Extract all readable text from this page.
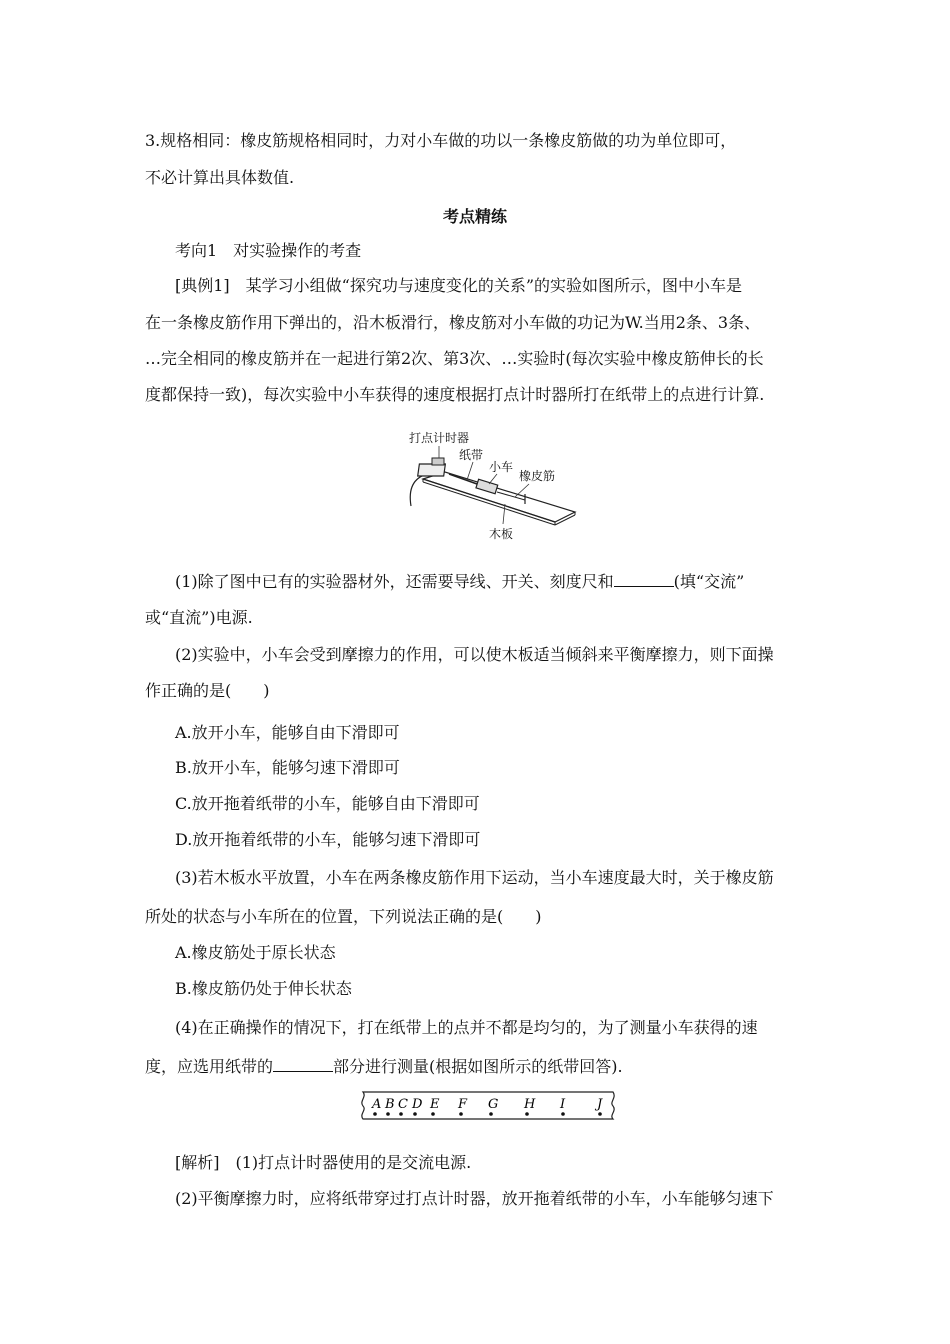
3.规格相同：橡皮筋规格相同时，力对小车做的功以一条橡皮筋做的功为单位即可，
不必计算出具体数值.
考点精练
考向1　对实验操作的考查
[典例1]　某学习小组做“探究功与速度变化的关系”的实验如图所示，图中小车是
在一条橡皮筋作用下弹出的，沿木板滑行，橡皮筋对小车做的功记为W.当用2条、3条、
…完全相同的橡皮筋并在一起进行第2次、第3次、…实验时(每次实验中橡皮筋伸长的长
度都保持一致)，每次实验中小车获得的速度根据打点计时器所打在纸带上的点进行计算.
打点计时器
纸带
小车
橡皮筋
木板
(1)除了图中已有的实验器材外，还需要导线、开关、刻度尺和	(填“交流”
或“直流”)电源.
(2)实验中，小车会受到摩擦力的作用，可以使木板适当倾斜来平衡摩擦力，则下面操
作正确的是(　　)
A.放开小车，能够自由下滑即可
B.放开小车，能够匀速下滑即可
C.放开拖着纸带的小车，能够自由下滑即可
D.放开拖着纸带的小车，能够匀速下滑即可
(3)若木板水平放置，小车在两条橡皮筋作用下运动，当小车速度最大时，关于橡皮筋
所处的状态与小车所在的位置，下列说法正确的是(　　)
A.橡皮筋处于原长状态
B.橡皮筋仍处于伸长状态
(4)在正确操作的情况下，打在纸带上的点并不都是均匀的，为了测量小车获得的速
度，应选用纸带的	部分进行测量(根据如图所示的纸带回答).
A B C D E F G H I J
[解析]　(1)打点计时器使用的是交流电源.
(2)平衡摩擦力时，应将纸带穿过打点计时器，放开拖着纸带的小车，小车能够匀速下
